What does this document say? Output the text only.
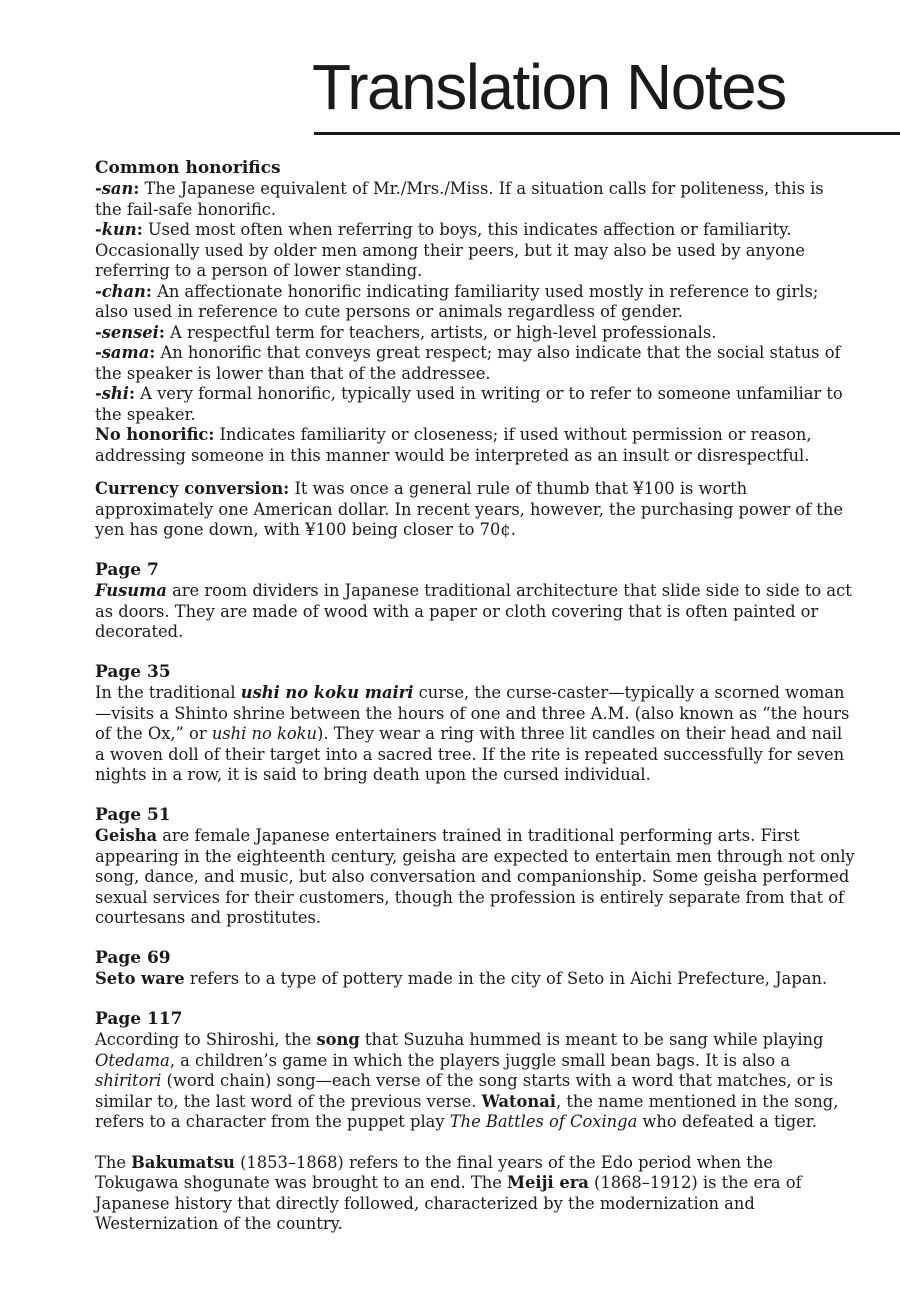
Translation Notes

Common honorifics

-san: The Japanese equivalent of Mr./Mrs./Miss. If a situation calls for politeness, this is the fail-safe honorific.

-kun: Used most often when referring to boys, this indicates affection or familiarity. Occasionally used by older men among their peers, but it may also be used by anyone referring to a person of lower standing.

-chan: An affectionate honorific indicating familiarity used mostly in reference to girls; also used in reference to cute persons or animals regardless of gender.

-sensei: A respectful term for teachers, artists, or high-level professionals.

-sama: An honorific that conveys great respect; may also indicate that the social status of the speaker is lower than that of the addressee.

-shi: A very formal honorific, typically used in writing or to refer to someone unfamiliar to the speaker.

No honorific: Indicates familiarity or closeness; if used without permission or reason, addressing someone in this manner would be interpreted as an insult or disrespectful.

Currency conversion: It was once a general rule of thumb that ¥100 is worth approximately one American dollar. In recent years, however, the purchasing power of the yen has gone down, with ¥100 being closer to 70¢.

Page 7

Fusuma are room dividers in Japanese traditional architecture that slide side to side to act as doors. They are made of wood with a paper or cloth covering that is often painted or decorated.

Page 35

In the traditional ushi no koku mairi curse, the curse-caster—typically a scorned woman—visits a Shinto shrine between the hours of one and three A.M. (also known as “the hours of the Ox,” or ushi no koku). They wear a ring with three lit candles on their head and nail a woven doll of their target into a sacred tree. If the rite is repeated successfully for seven nights in a row, it is said to bring death upon the cursed individual.

Page 51

Geisha are female Japanese entertainers trained in traditional performing arts. First appearing in the eighteenth century, geisha are expected to entertain men through not only song, dance, and music, but also conversation and companionship. Some geisha performed sexual services for their customers, though the profession is entirely separate from that of courtesans and prostitutes.

Page 69

Seto ware refers to a type of pottery made in the city of Seto in Aichi Prefecture, Japan.

Page 117

According to Shiroshi, the song that Suzuha hummed is meant to be sang while playing Otedama, a children’s game in which the players juggle small bean bags. It is also a shiritori (word chain) song—each verse of the song starts with a word that matches, or is similar to, the last word of the previous verse. Watonai, the name mentioned in the song, refers to a character from the puppet play The Battles of Coxinga who defeated a tiger.

The Bakumatsu (1853–1868) refers to the final years of the Edo period when the Tokugawa shogunate was brought to an end. The Meiji era (1868–1912) is the era of Japanese history that directly followed, characterized by the modernization and Westernization of the country.
